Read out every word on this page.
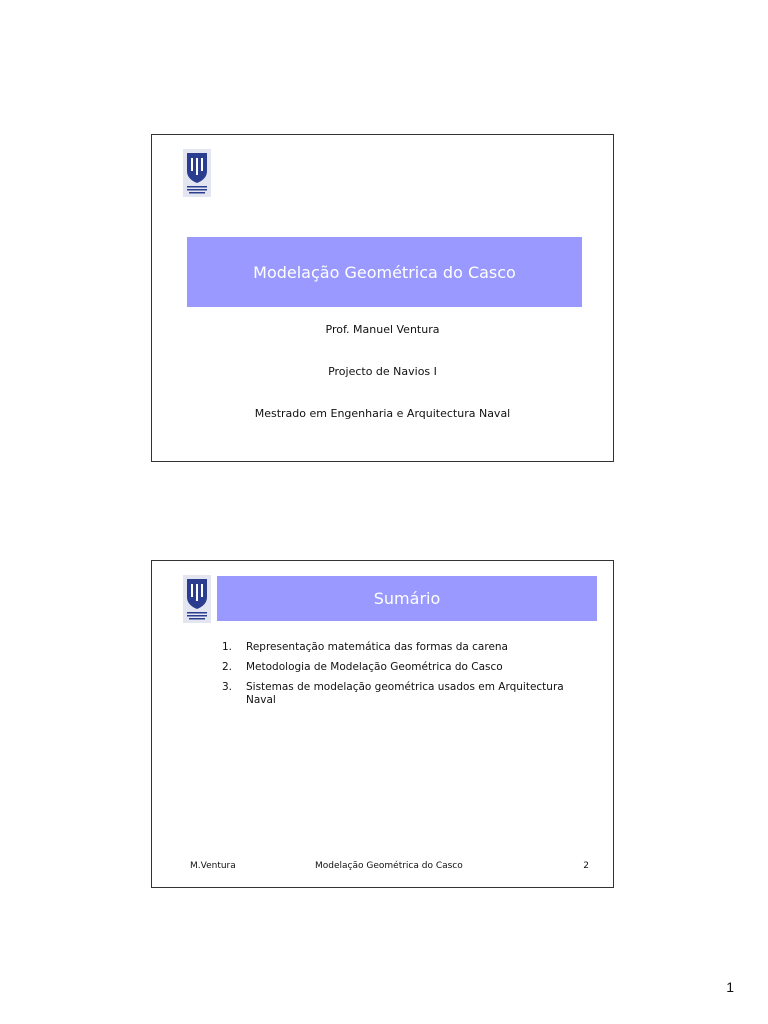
Modelação Geométrica do Casco
Prof. Manuel Ventura
Projecto de Navios I
Mestrado em Engenharia e Arquitectura Naval
Sumário
1.	Representação matemática das formas da carena
2.	Metodologia de Modelação Geométrica do Casco
3.	Sistemas de modelação geométrica usados em Arquitectura Naval
M.Ventura	Modelação Geométrica do Casco	2
1
